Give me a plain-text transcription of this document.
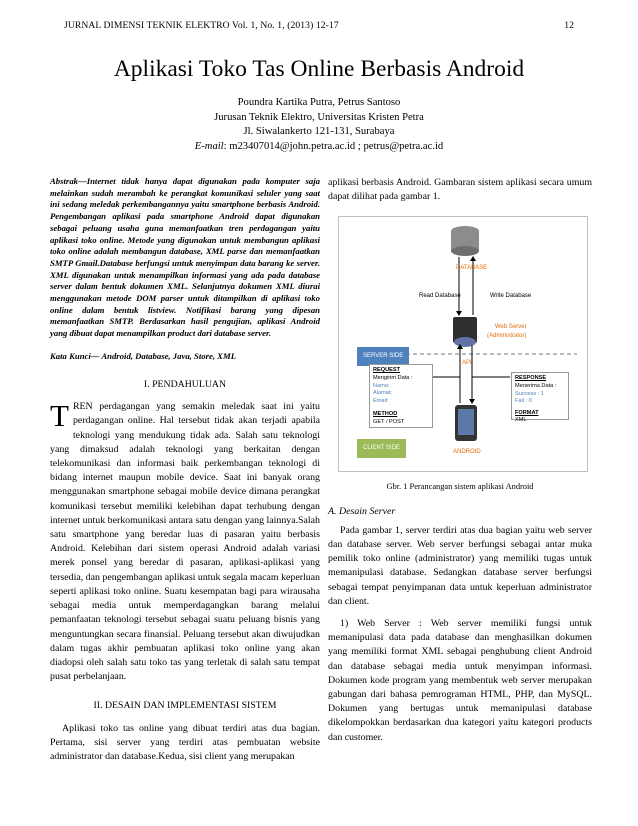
JURNAL DIMENSI TEKNIK ELEKTRO Vol. 1, No. 1, (2013) 12-17	12
Aplikasi Toko Tas Online Berbasis Android
Poundra Kartika Putra, Petrus Santoso
Jurusan Teknik Elektro, Universitas Kristen Petra
Jl. Siwalankerto 121-131, Surabaya
E-mail: m23407014@john.petra.ac.id ; petrus@petra.ac.id

Abstrak—Internet tidak hanya dapat digunakan pada komputer saja melainkan sudah merambah ke perangkat komunikasi seluler yang saat ini sedang meledak perkembangannya yaitu smartphone berbasis Android. Pengembangan aplikasi pada smartphone Android dapat digunakan sebagai peluang usaha guna memanfaatkan tren perdagangan yaitu aplikasi toko online. Metode yang digunakan untuk membangun aplikasi toko online adalah membangun database, XML parse dan memanfaatkan SMTP Gmail.Database berfungsi untuk menyimpan data barang ke server. XML digunakan untuk menampilkan informasi yang ada pada database server dalam bentuk dokumen XML. Selanjutnya dokumen XML diurai menggunakan metode DOM parser untuk ditampilkan di aplikasi toko online dalam bentuk listview. Notifikasi barang yang dipesan memanfaatkan SMTP. Berdasarkan hasil pengujian, aplikasi Android yang dibuat dapat menampilkan product dari database server.

Kata Kunci— Android, Database, Java, Store, XML

I. PENDAHULUAN

TREN perdagangan yang semakin meledak saat ini yaitu perdagangan online. Hal tersebut tidak akan terjadi apabila teknologi yang mendukung tidak ada. Salah satu teknologi yang dimaksud adalah teknologi yang berkaitan dengan telekomunikasi dan informasi baik perkembangan teknologi di bidang internet maupun mobile device. Saat ini banyak orang menggunakan smartphone sebagai mobile device dimana perangkat komunikasi tersebut memiliki kelebihan dapat terhubung dengan internet untuk berkomunikasi antara satu dengan yang lainnya.Salah satu smartphone yang beredar luas di pasaran yaitu berbasis Android. Kelebihan dari sistem operasi Android adalah variasi merek ponsel yang beredar di pasaran, aplikasi-aplikasi yang tersedia, dan pengembangan aplikasi untuk segala macam keperluan seperti aplikasi toko online. Suatu kesempatan bagi para wirausaha sebagai media untuk memperdagangkan barang melalui pemanfaatan teknologi tersebut sebagai suatu peluang bisnis yang menguntungkan secara finansial. Peluang tersebut akan diwujudkan dalam tugas akhir pembuatan aplikasi toko online yang akan diadopsi oleh salah satu toko tas yang terletak di salah satu tempat pusat perbelanjaan.

II. DESAIN DAN IMPLEMENTASI SISTEM

Aplikasi toko tas online yang dibuat terdiri atas dua bagian. Pertama, sisi server yang terdiri atas pembuatan website administrator dan database.Kedua, sisi client yang merupakan

aplikasi berbasis Android. Gambaran sistem aplikasi secara umum dapat dilihat pada gambar 1.

DATABASE
Read Database	Write Database
Web Server
(Administrator)
API
SERVER SIDE
REQUEST
Mengirim Data :
Nama:
Alamat:
Email:
METHOD
GET / POST
RESPONSE
Menerima Data :
Success : 1
Fail : 0
FORMAT
XML
CLIENT SIDE
ANDROID
Gbr. 1 Perancangan sistem aplikasi Android
A. Desain Server

Pada gambar 1, server terdiri atas dua bagian yaitu web server dan database server. Web server berfungsi sebagai antar muka pemilik toko online (administrator) yang memiliki tugas untuk memanipulasi database. Sedangkan database server berfungsi sebagai tempat penyimpanan data untuk keperluan administrator dan client.

1) Web Server : Web server memiliki fungsi untuk memanipulasi data pada database dan menghasilkan dokumen yang memiliki format XML sebagai penghubung client Android dan database sebagai media untuk menyimpan informasi. Dokumen kode program yang membentuk web server merupakan gabungan dari bahasa pemrograman HTML, PHP, dan MySQL. Dokumen yang bertugas untuk memanipulasi database dikelompokkan berdasarkan dua kategori yaitu kategori products dan customer.
